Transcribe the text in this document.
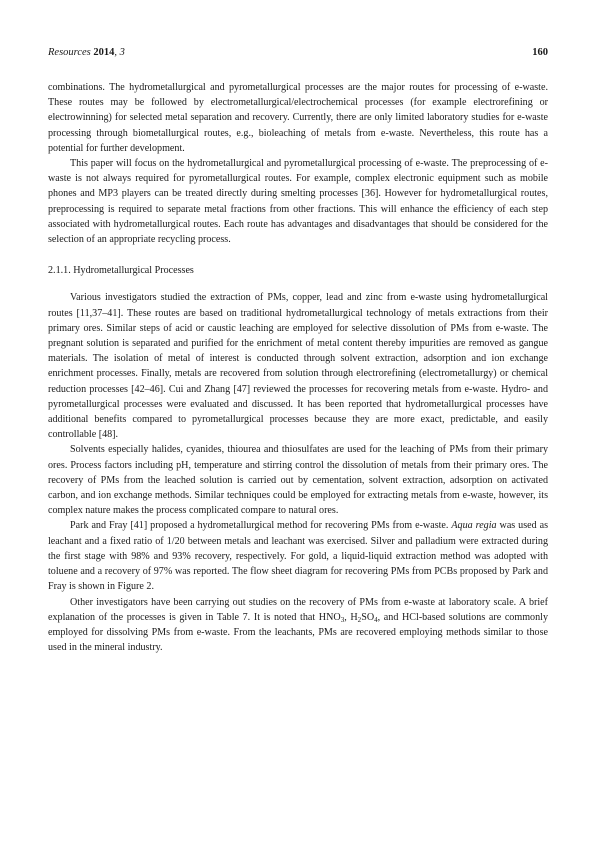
Resources 2014, 3	160

combinations. The hydrometallurgical and pyrometallurgical processes are the major routes for processing of e-waste. These routes may be followed by electrometallurgical/electrochemical processes (for example electrorefining or electrowinning) for selected metal separation and recovery. Currently, there are only limited laboratory studies for e-waste processing through biometallurgical routes, e.g., bioleaching of metals from e-waste. Nevertheless, this route has a potential for further development.

This paper will focus on the hydrometallurgical and pyrometallurgical processing of e-waste. The preprocessing of e-waste is not always required for pyrometallurgical routes. For example, complex electronic equipment such as mobile phones and MP3 players can be treated directly during smelting processes [36]. However for hydrometallurgical routes, preprocessing is required to separate metal fractions from other fractions. This will enhance the efficiency of each step associated with hydrometallurgical routes. Each route has advantages and disadvantages that should be considered for the selection of an appropriate recycling process.

2.1.1. Hydrometallurgical Processes

Various investigators studied the extraction of PMs, copper, lead and zinc from e-waste using hydrometallurgical routes [11,37–41]. These routes are based on traditional hydrometallurgical technology of metals extractions from their primary ores. Similar steps of acid or caustic leaching are employed for selective dissolution of PMs from e-waste. The pregnant solution is separated and purified for the enrichment of metal content thereby impurities are removed as gangue materials. The isolation of metal of interest is conducted through solvent extraction, adsorption and ion exchange enrichment processes. Finally, metals are recovered from solution through electrorefining (electrometallurgy) or chemical reduction processes [42–46]. Cui and Zhang [47] reviewed the processes for recovering metals from e-waste. Hydro- and pyrometallurgical processes were evaluated and discussed. It has been reported that hydrometallurgical processes have additional benefits compared to pyrometallurgical processes because they are more exact, predictable, and easily controllable [48].

Solvents especially halides, cyanides, thiourea and thiosulfates are used for the leaching of PMs from their primary ores. Process factors including pH, temperature and stirring control the dissolution of metals from their primary ores. The recovery of PMs from the leached solution is carried out by cementation, solvent extraction, adsorption on activated carbon, and ion exchange methods. Similar techniques could be employed for extracting metals from e-waste, however, its complex nature makes the process complicated compare to natural ores.

Park and Fray [41] proposed a hydrometallurgical method for recovering PMs from e-waste. Aqua regia was used as leachant and a fixed ratio of 1/20 between metals and leachant was exercised. Silver and palladium were extracted during the first stage with 98% and 93% recovery, respectively. For gold, a liquid-liquid extraction method was adopted with toluene and a recovery of 97% was reported. The flow sheet diagram for recovering PMs from PCBs proposed by Park and Fray is shown in Figure 2.

Other investigators have been carrying out studies on the recovery of PMs from e-waste at laboratory scale. A brief explanation of the processes is given in Table 7. It is noted that $HNO_3$, $H_2SO_4$, and HCl-based solutions are commonly employed for dissolving PMs from e-waste. From the leachants, PMs are recovered employing methods similar to those used in the mineral industry.
